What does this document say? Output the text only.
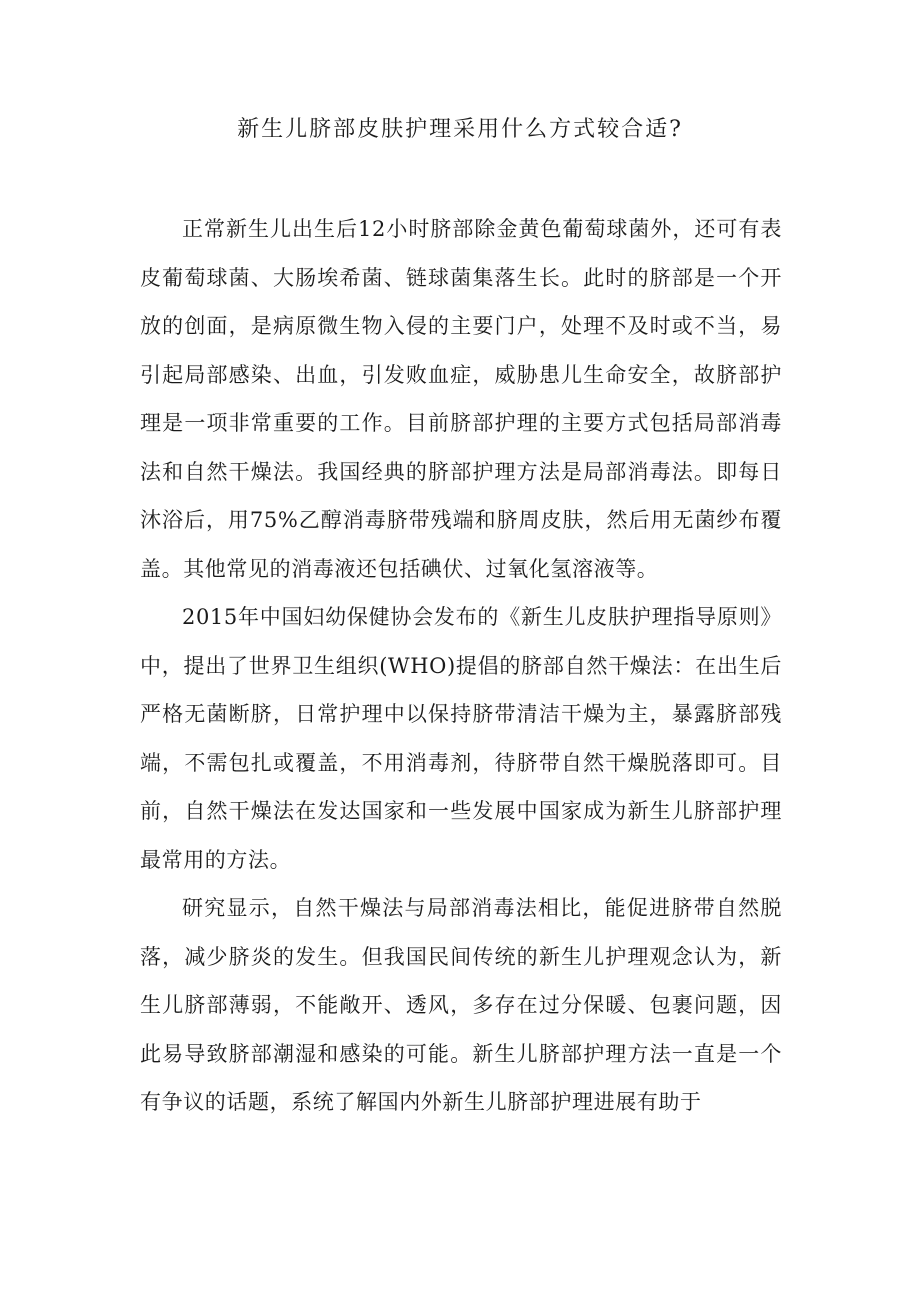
新生儿脐部皮肤护理采用什么方式较合适?

正常新生儿出生后12小时脐部除金黄色葡萄球菌外，还可有表皮葡萄球菌、大肠埃希菌、链球菌集落生长。此时的脐部是一个开放的创面，是病原微生物入侵的主要门户，处理不及时或不当，易引起局部感染、出血，引发败血症，威胁患儿生命安全，故脐部护理是一项非常重要的工作。目前脐部护理的主要方式包括局部消毒法和自然干燥法。我国经典的脐部护理方法是局部消毒法。即每日沐浴后，用75%乙醇消毒脐带残端和脐周皮肤，然后用无菌纱布覆盖。其他常见的消毒液还包括碘伏、过氧化氢溶液等。

2015年中国妇幼保健协会发布的《新生儿皮肤护理指导原则》中，提出了世界卫生组织(WHO)提倡的脐部自然干燥法：在出生后严格无菌断脐，日常护理中以保持脐带清洁干燥为主，暴露脐部残端，不需包扎或覆盖，不用消毒剂，待脐带自然干燥脱落即可。目前，自然干燥法在发达国家和一些发展中国家成为新生儿脐部护理最常用的方法。

研究显示，自然干燥法与局部消毒法相比，能促进脐带自然脱落，减少脐炎的发生。但我国民间传统的新生儿护理观念认为，新生儿脐部薄弱，不能敞开、透风，多存在过分保暖、包裹问题，因此易导致脐部潮湿和感染的可能。新生儿脐部护理方法一直是一个有争议的话题，系统了解国内外新生儿脐部护理进展有助于
